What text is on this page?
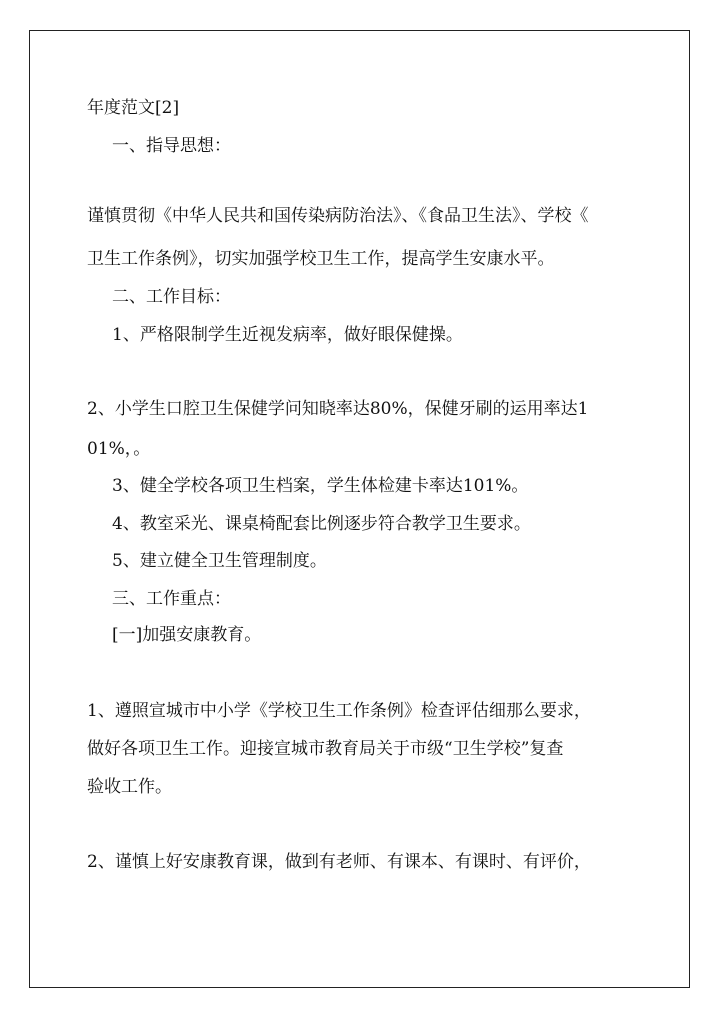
年度范文[2]
一、指导思想：
谨慎贯彻《中华人民共和国传染病防治法》、《食品卫生法》、学校《
卫生工作条例》，切实加强学校卫生工作，提高学生安康水平。
二、工作目标：
1、严格限制学生近视发病率，做好眼保健操。
2、小学生口腔卫生保健学问知晓率达80%，保健牙刷的运用率达1
01%，。
3、健全学校各项卫生档案，学生体检建卡率达101%。
4、教室采光、课桌椅配套比例逐步符合教学卫生要求。
5、建立健全卫生管理制度。
三、工作重点：
[一]加强安康教育。
1、遵照宣城市中小学《学校卫生工作条例》检查评估细那么要求，
做好各项卫生工作。迎接宣城市教育局关于市级“卫生学校”复查
验收工作。
2、谨慎上好安康教育课，做到有老师、有课本、有课时、有评价，
